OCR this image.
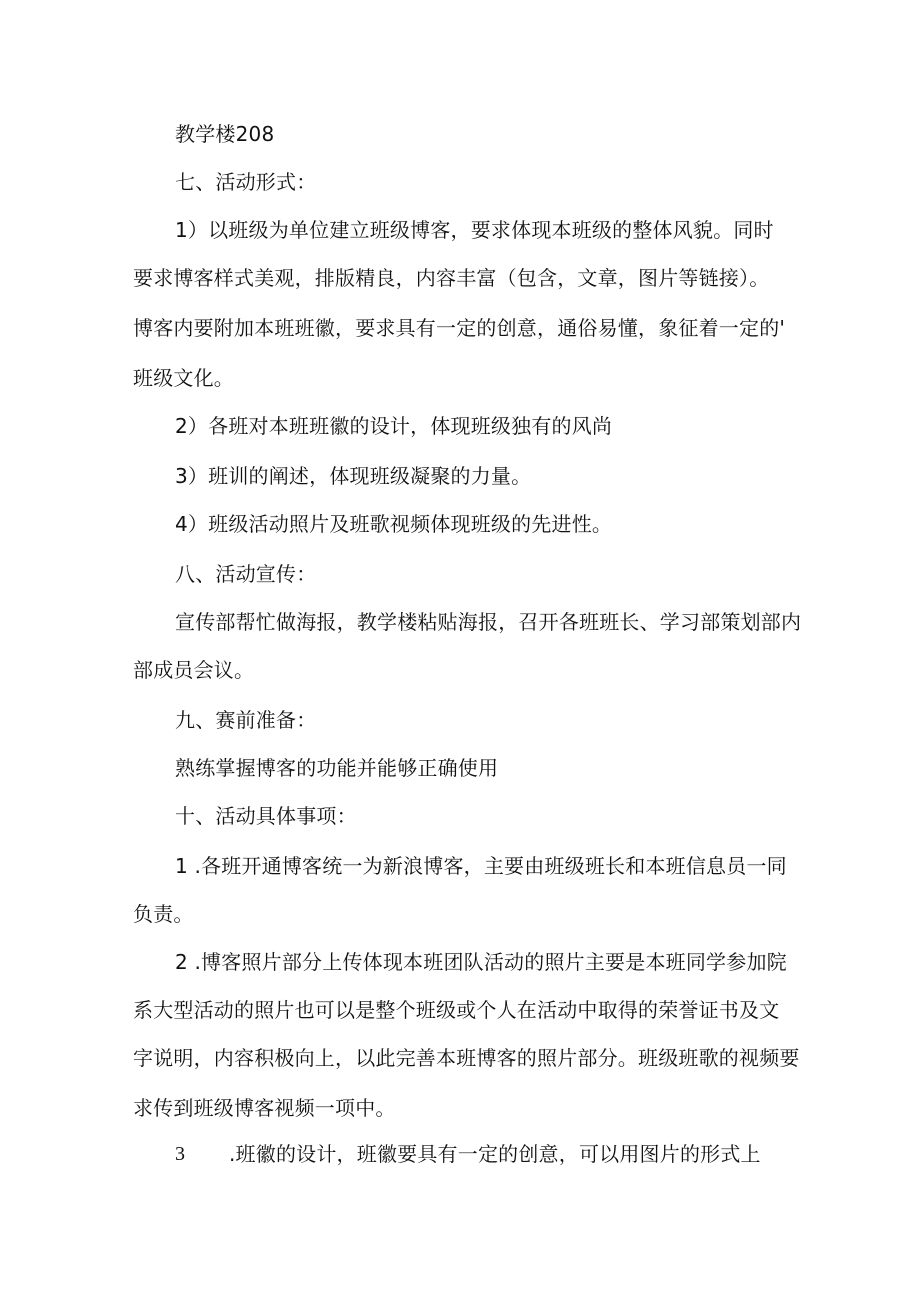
教学楼208
七、活动形式：
1）以班级为单位建立班级博客，要求体现本班级的整体风貌。同时
要求博客样式美观，排版精良，内容丰富（包含，文章，图片等链接）。
博客内要附加本班班徽，要求具有一定的创意，通俗易懂，象征着一定的'
班级文化。
2）各班对本班班徽的设计，体现班级独有的风尚
3）班训的阐述，体现班级凝聚的力量。
4）班级活动照片及班歌视频体现班级的先进性。
八、活动宣传：
宣传部帮忙做海报，教学楼粘贴海报，召开各班班长、学习部策划部内
部成员会议。
九、赛前准备：
熟练掌握博客的功能并能够正确使用
十、活动具体事项：
1 .各班开通博客统一为新浪博客，主要由班级班长和本班信息员一同
负责。
2 .博客照片部分上传体现本班团队活动的照片主要是本班同学参加院
系大型活动的照片也可以是整个班级或个人在活动中取得的荣誉证书及文
字说明，内容积极向上，以此完善本班博客的照片部分。班级班歌的视频要
求传到班级博客视频一项中。
3 .班徽的设计，班徽要具有一定的创意，可以用图片的形式上
